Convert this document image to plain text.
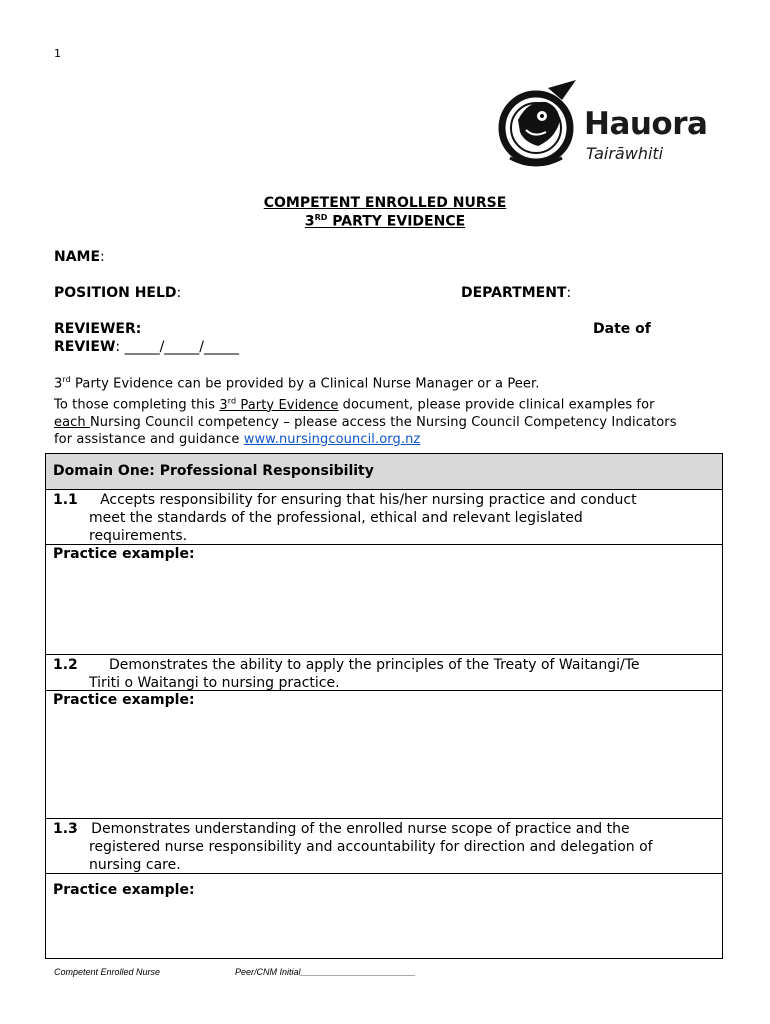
1
Hauora
Tairāwhiti
COMPETENT ENROLLED NURSE
3RD PARTY EVIDENCE
NAME:
POSITION HELD:	DEPARTMENT:
REVIEWER:	Date of
REVIEW: _____/_____/_____
3rd Party Evidence can be provided by a Clinical Nurse Manager or a Peer.
To those completing this 3rd Party Evidence document, please provide clinical examples for
each Nursing Council competency – please access the Nursing Council Competency Indicators
for assistance and guidance www.nursingcouncil.org.nz
Domain One: Professional Responsibility
1.1 Accepts responsibility for ensuring that his/her nursing practice and conduct
meet the standards of the professional, ethical and relevant legislated
requirements.
Practice example:
1.2 Demonstrates the ability to apply the principles of the Treaty of Waitangi/Te
Tiriti o Waitangi to nursing practice.
Practice example:
1.3 Demonstrates understanding of the enrolled nurse scope of practice and the
registered nurse responsibility and accountability for direction and delegation of
nursing care.
Practice example:
Competent Enrolled Nurse	Peer/CNM Initial_______________________
